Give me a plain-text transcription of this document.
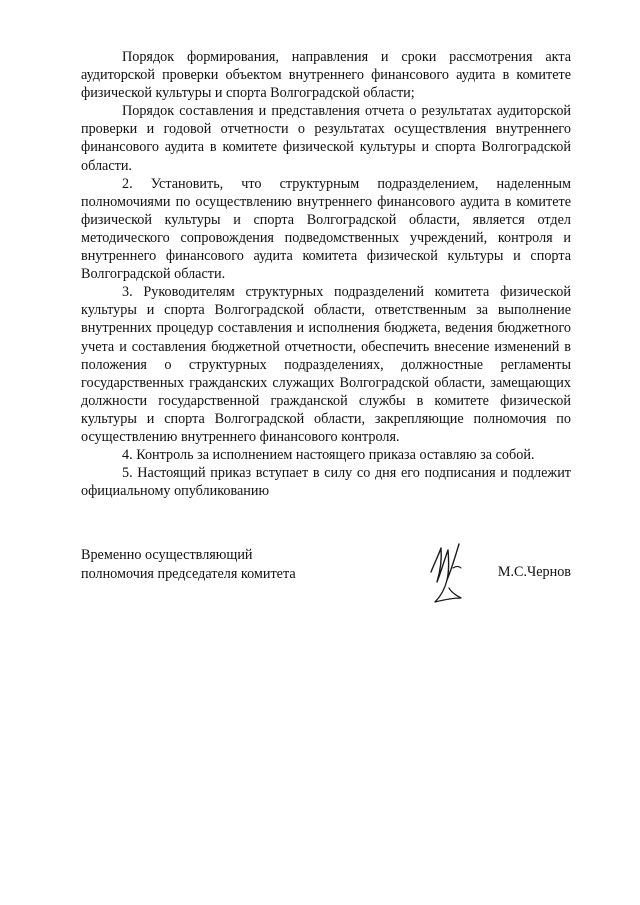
Порядок формирования, направления и сроки рассмотрения акта аудиторской проверки объектом внутреннего финансового аудита в комитете физической культуры и спорта Волгоградской области;

Порядок составления и представления отчета о результатах аудиторской проверки и годовой отчетности о результатах осуществления внутреннего финансового аудита в комитете физической культуры и спорта Волгоградской области.

2. Установить, что структурным подразделением, наделенным полномочиями по осуществлению внутреннего финансового аудита в комитете физической культуры и спорта Волгоградской области, является отдел методического сопровождения подведомственных учреждений, контроля и внутреннего финансового аудита комитета физической культуры и спорта Волгоградской области.

3. Руководителям структурных подразделений комитета физической культуры и спорта Волгоградской области, ответственным за выполнение внутренних процедур составления и исполнения бюджета, ведения бюджетного учета и составления бюджетной отчетности, обеспечить внесение изменений в положения о структурных подразделениях, должностные регламенты государственных гражданских служащих Волгоградской области, замещающих должности государственной гражданской службы в комитете физической культуры и спорта Волгоградской области, закрепляющие полномочия по осуществлению внутреннего финансового контроля.

4. Контроль за исполнением настоящего приказа оставляю за собой.

5. Настоящий приказ вступает в силу со дня его подписания и подлежит официальному опубликованию

Временно осуществляющий
полномочия председателя комитета	М.С.Чернов
